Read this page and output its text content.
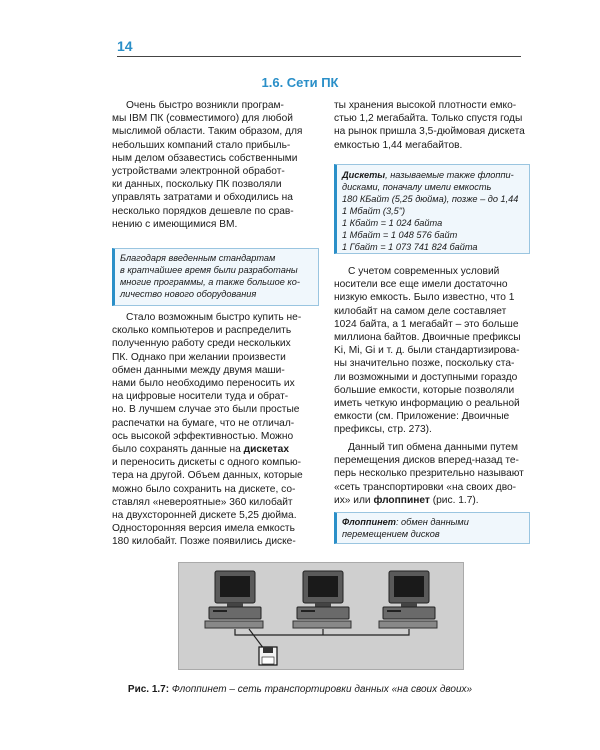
14
1.6. Сети ПК
Очень быстро возникли програм-
мы IBM ПК (совместимого) для любой
мыслимой области. Таким образом, для
небольших компаний стало прибыль-
ным делом обзавестись собственными
устройствами электронной обработ-
ки данных, поскольку ПК позволяли
управлять затратами и обходились на
несколько порядков дешевле по срав-
нению с имеющимися ВМ.
Благодаря введенным стандартам
в кратчайшее время были разработаны
многие программы, а также большое ко-
личество нового оборудования
Стало возможным быстро купить не-
сколько компьютеров и распределить
полученную работу среди нескольких
ПК. Однако при желании произвести
обмен данными между двумя маши-
нами было необходимо переносить их
на цифровые носители туда и обрат-
но. В лучшем случае это были простые
распечатки на бумаге, что не отличал-
ось высокой эффективностью. Можно
было сохранять данные на дискетах
и переносить дискеты с одного компью-
тера на другой. Объем данных, которые
можно было сохранить на дискете, со-
ставлял «невероятные» 360 килобайт
на двухсторонней дискете 5,25 дюйма.
Односторонняя версия имела емкость
180 килобайт. Позже появились диске-
ты хранения высокой плотности емко-
стью 1,2 мегабайта. Только спустя годы
на рынок пришла 3,5-дюймовая дискета
емкостью 1,44 мегабайтов.
Дискеты, называемые также флоппи-
дисками, поначалу имели емкость
180 КБайт (5,25 дюйма), позже – до 1,44
1 Мбайт (3,5")
1 Кбайт = 1 024 байта
1 Мбайт = 1 048 576 байт
1 Гбайт = 1 073 741 824 байта
С учетом современных условий
носители все еще имели достаточно
низкую емкость. Было известно, что 1
килобайт на самом деле составляет
1024 байта, а 1 мегабайт – это больше
миллиона байтов. Двоичные префиксы
Ki, Mi, Gi и т. д. были стандартизирова-
ны значительно позже, поскольку ста-
ли возможными и доступными гораздо
большие емкости, которые позволяли
иметь четкую информацию о реальной
емкости (см. Приложение: Двоичные
префиксы, стр. 273).
Данный тип обмена данными путем
перемещения дисков вперед-назад те-
перь несколько презрительно называют
«сеть транспортировки «на своих дво-
их» или флоппинет (рис. 1.7).
Флоппинет: обмен данными
перемещением дисков
Рис. 1.7: Флоппинет – сеть транспортировки данных «на своих двоих»
